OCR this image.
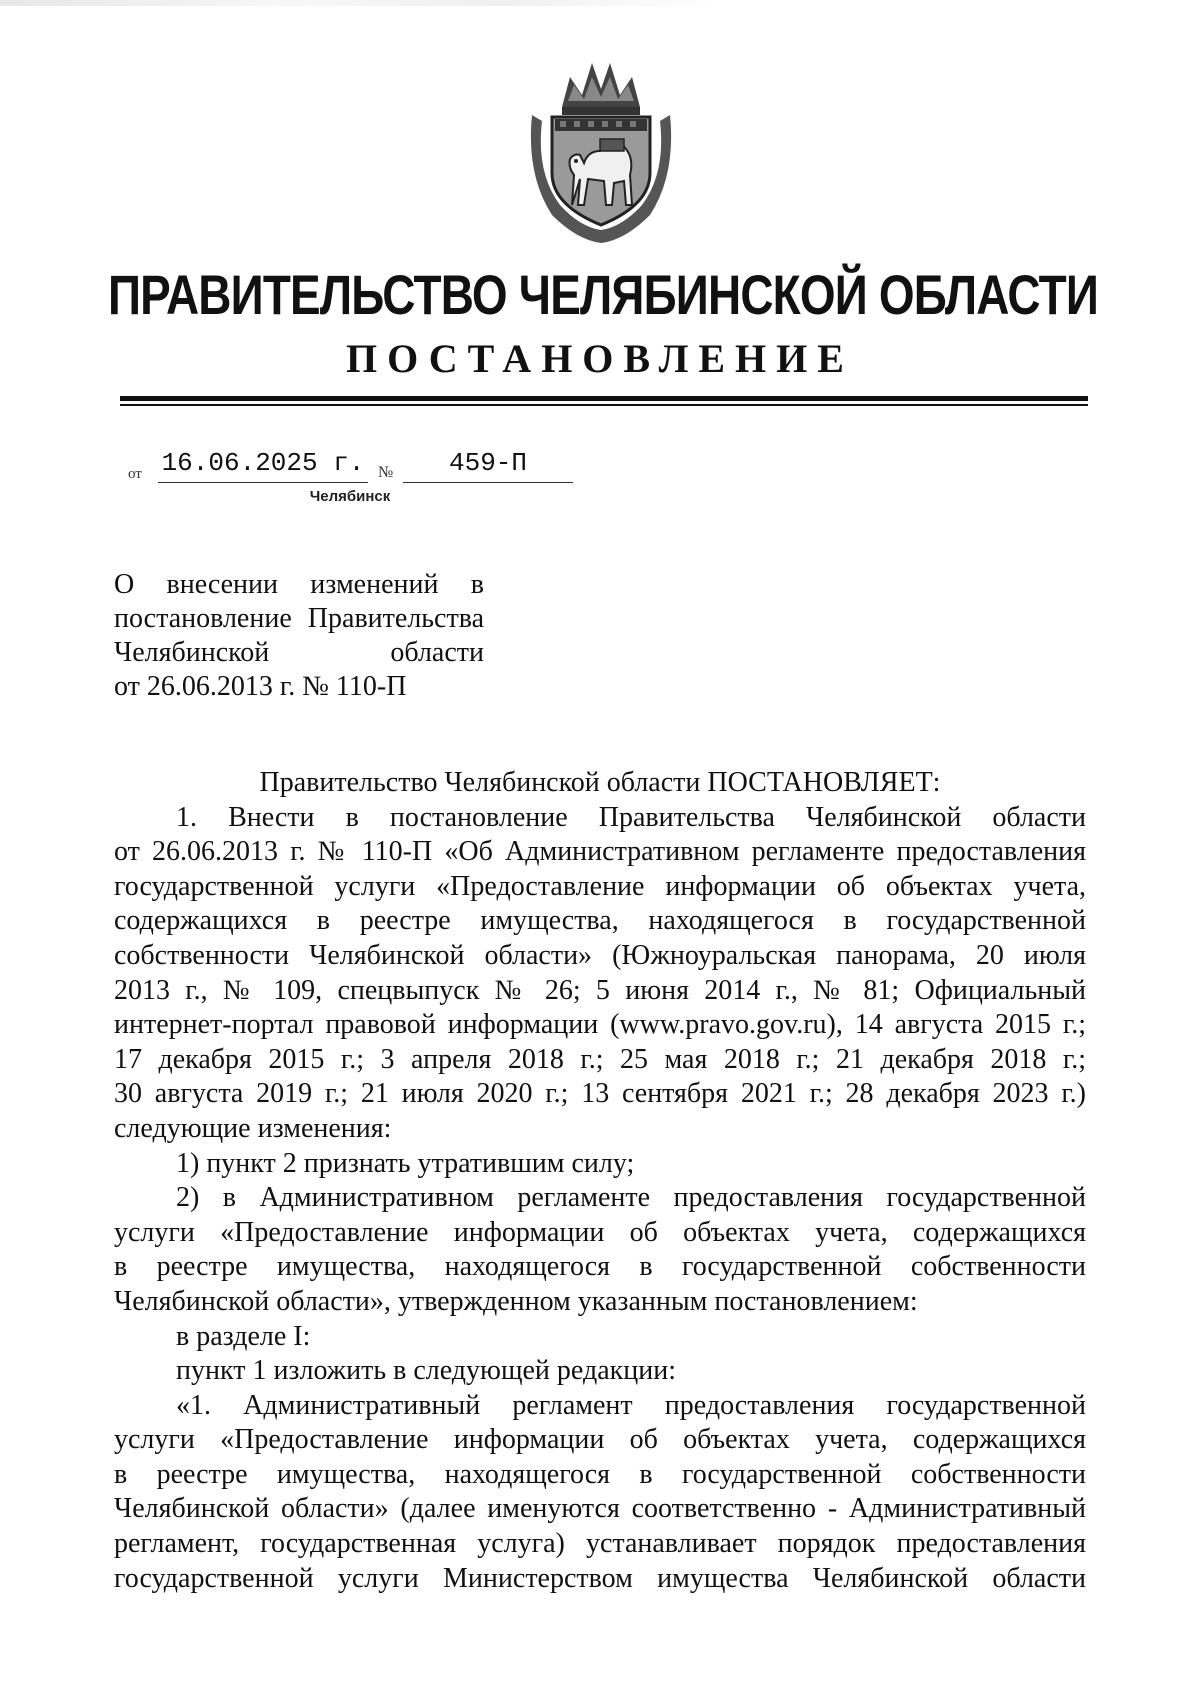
ПРАВИТЕЛЬСТВО ЧЕЛЯБИНСКОЙ ОБЛАСТИ
ПОСТАНОВЛЕНИЕ
от 16.06.2025 г. №	459-П
Челябинск
О внесении изменений в
постановление Правительства
Челябинской области
от 26.06.2013 г. № 110-П
Правительство Челябинской области ПОСТАНОВЛЯЕТ:
1. Внести в постановление Правительства Челябинской области
от 26.06.2013 г. № 110-П «Об Административном регламенте предоставления
государственной услуги «Предоставление информации об объектах учета,
содержащихся в реестре имущества, находящегося в государственной
собственности Челябинской области» (Южноуральская панорама, 20 июля
2013 г., № 109, спецвыпуск № 26; 5 июня 2014 г., № 81; Официальный
интернет-портал правовой информации (www.pravo.gov.ru), 14 августа 2015 г.;
17 декабря 2015 г.; 3 апреля 2018 г.; 25 мая 2018 г.; 21 декабря 2018 г.;
30 августа 2019 г.; 21 июля 2020 г.; 13 сентября 2021 г.; 28 декабря 2023 г.)
следующие изменения:
1) пункт 2 признать утратившим силу;
2) в Административном регламенте предоставления государственной
услуги «Предоставление информации об объектах учета, содержащихся
в реестре имущества, находящегося в государственной собственности
Челябинской области», утвержденном указанным постановлением:
в разделе I:
пункт 1 изложить в следующей редакции:
«1. Административный регламент предоставления государственной
услуги «Предоставление информации об объектах учета, содержащихся
в реестре имущества, находящегося в государственной собственности
Челябинской области» (далее именуются соответственно - Административный
регламент, государственная услуга) устанавливает порядок предоставления
государственной услуги Министерством имущества Челябинской области
